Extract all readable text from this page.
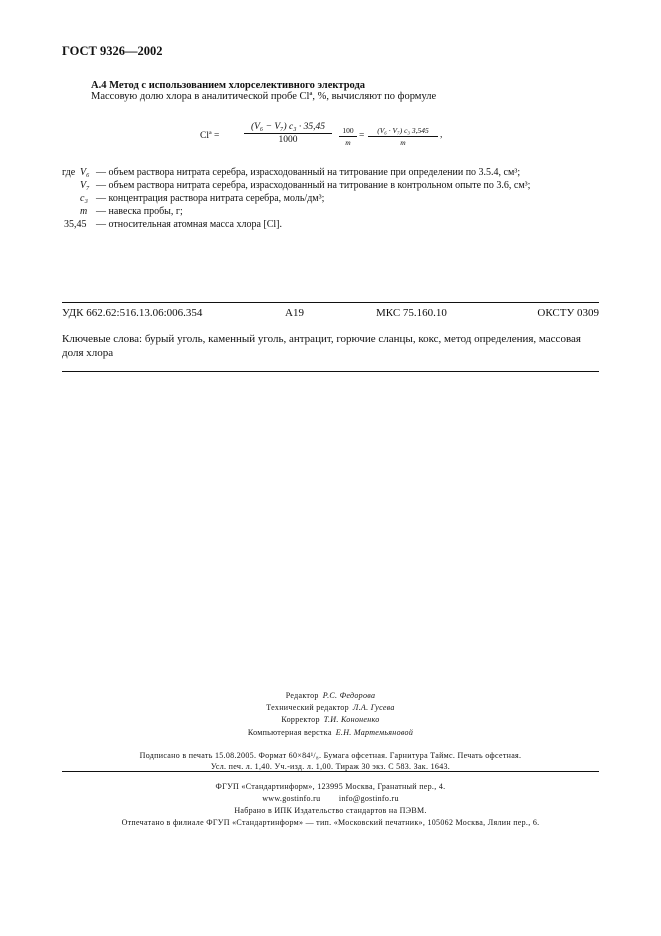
ГОСТ 9326—2002
А.4 Метод с использованием хлорселективного электрода
Массовую долю хлора в аналитической пробе Clª, %, вычисляют по формуле
Clª =	$\frac{\text{(V₆ − V₇) c₃ · 35,45}}{1000} \frac{100}{m} = \frac{\text{(V₆ · V₇) c₃ 3,545}}{m}$ ,
где V₆ — объем раствора нитрата серебра, израсходованный на титрование при определении по 3.5.4, см³;
V₇ — объем раствора нитрата серебра, израсходованный на титрование в контрольном опыте по 3.6, см³;
c₃ — концентрация раствора нитрата серебра, моль/дм³;
m — навеска пробы, г;
35,45 — относительная атомная масса хлора [Cl].
УДК 662.62:516.13.06:006.354	А19	МКС 75.160.10	ОКСТУ 0309
Ключевые слова: бурый уголь, каменный уголь, антрацит, горючие сланцы, кокс, метод определения, массовая доля хлора
Редактор Р.С. Федорова
Технический редактор Л.А. Гусева
Корректор Т.И. Кононенко
Компьютерная верстка Е.Н. Мартемьяновой
Подписано в печать 15.08.2005. Формат 60×84¹/₈. Бумага офсетная. Гарнитура Таймс. Печать офсетная.
Усл. печ. л. 1,40. Уч.-изд. л. 1,00. Тираж 30 экз. С 583. Зак. 1643.
ФГУП «Стандартинформ», 123995 Москва, Гранатный пер., 4.
www.gostinfo.ru        info@gostinfo.ru
Набрано в ИПК Издательство стандартов на ПЭВМ.
Отпечатано в филиале ФГУП «Стандартинформ» — тип. «Московский печатник», 105062 Москва, Лялин пер., 6.
